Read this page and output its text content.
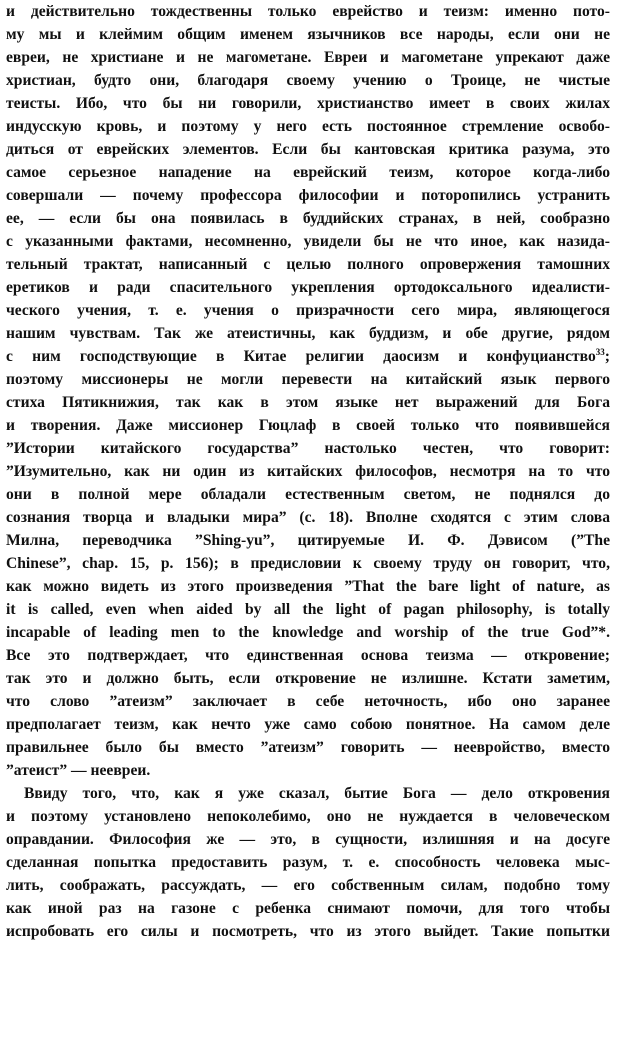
и действительно тождественны только еврейство и теизм: именно пото-
му мы и клеймим общим именем язычников все народы, если они не
евреи, не христиане и не магометане. Евреи и магометане упрекают даже
христиан, будто они, благодаря своему учению о Троице, не чистые
теисты. Ибо, что бы ни говорили, христианство имеет в своих жилах
индусскую кровь, и поэтому у него есть постоянное стремление освобо-
диться от еврейских элементов. Если бы кантовская критика разума, это
самое серьезное нападение на еврейский теизм, которое когда-либо
совершали — почему профессора философии и поторопились устранить
ее, — если бы она появилась в буддийских странах, в ней, сообразно
с указанными фактами, несомненно, увидели бы не что иное, как назида-
тельный трактат, написанный с целью полного опровержения тамошних
еретиков и ради спасительного укрепления ортодоксального идеалисти-
ческого учения, т. е. учения о призрачности сего мира, являющегося
нашим чувствам. Так же атеистичны, как буддизм, и обе другие, рядом
с ним господствующие в Китае религии даосизм и конфуцианство$^{33}$;
поэтому миссионеры не могли перевести на китайский язык первого
стиха Пятикнижия, так как в этом языке нет выражений для Бога
и творения. Даже миссионер Гюцлаф в своей только что появившейся
”Истории китайского государства” настолько честен, что говорит:
”Изумительно, как ни один из китайских философов, несмотря на то что
они в полной мере обладали естественным светом, не поднялся до
сознания творца и владыки мира” (с. 18). Вполне сходятся с этим слова
Милна, переводчика ”Shing-yu”, цитируемые И. Ф. Дэвисом (”The
Chinese”, chap. 15, p. 156); в предисловии к своему труду он говорит, что,
как можно видеть из этого произведения ”That the bare light of nature, as
it is called, even when aided by all the light of pagan philosophy, is totally
incapable of leading men to the knowledge and worship of the true God”*.
Все это подтверждает, что единственная основа теизма — откровение;
так это и должно быть, если откровение не излишне. Кстати заметим,
что слово ”атеизм” заключает в себе неточность, ибо оно заранее
предполагает теизм, как нечто уже само собою понятное. На самом деле
правильнее было бы вместо ”атеизм” говорить — неевройство, вместо
”атеист” — неевреи.
Ввиду того, что, как я уже сказал, бытие Бога — дело откровения
и поэтому установлено непоколебимо, оно не нуждается в человеческом
оправдании. Философия же — это, в сущности, излишняя и на досуге
сделанная попытка предоставить разум, т. е. способность человека мыс-
лить, соображать, рассуждать, — его собственным силам, подобно тому
как иной раз на газоне с ребенка снимают помочи, для того чтобы
испробовать его силы и посмотреть, что из этого выйдет. Такие попытки
